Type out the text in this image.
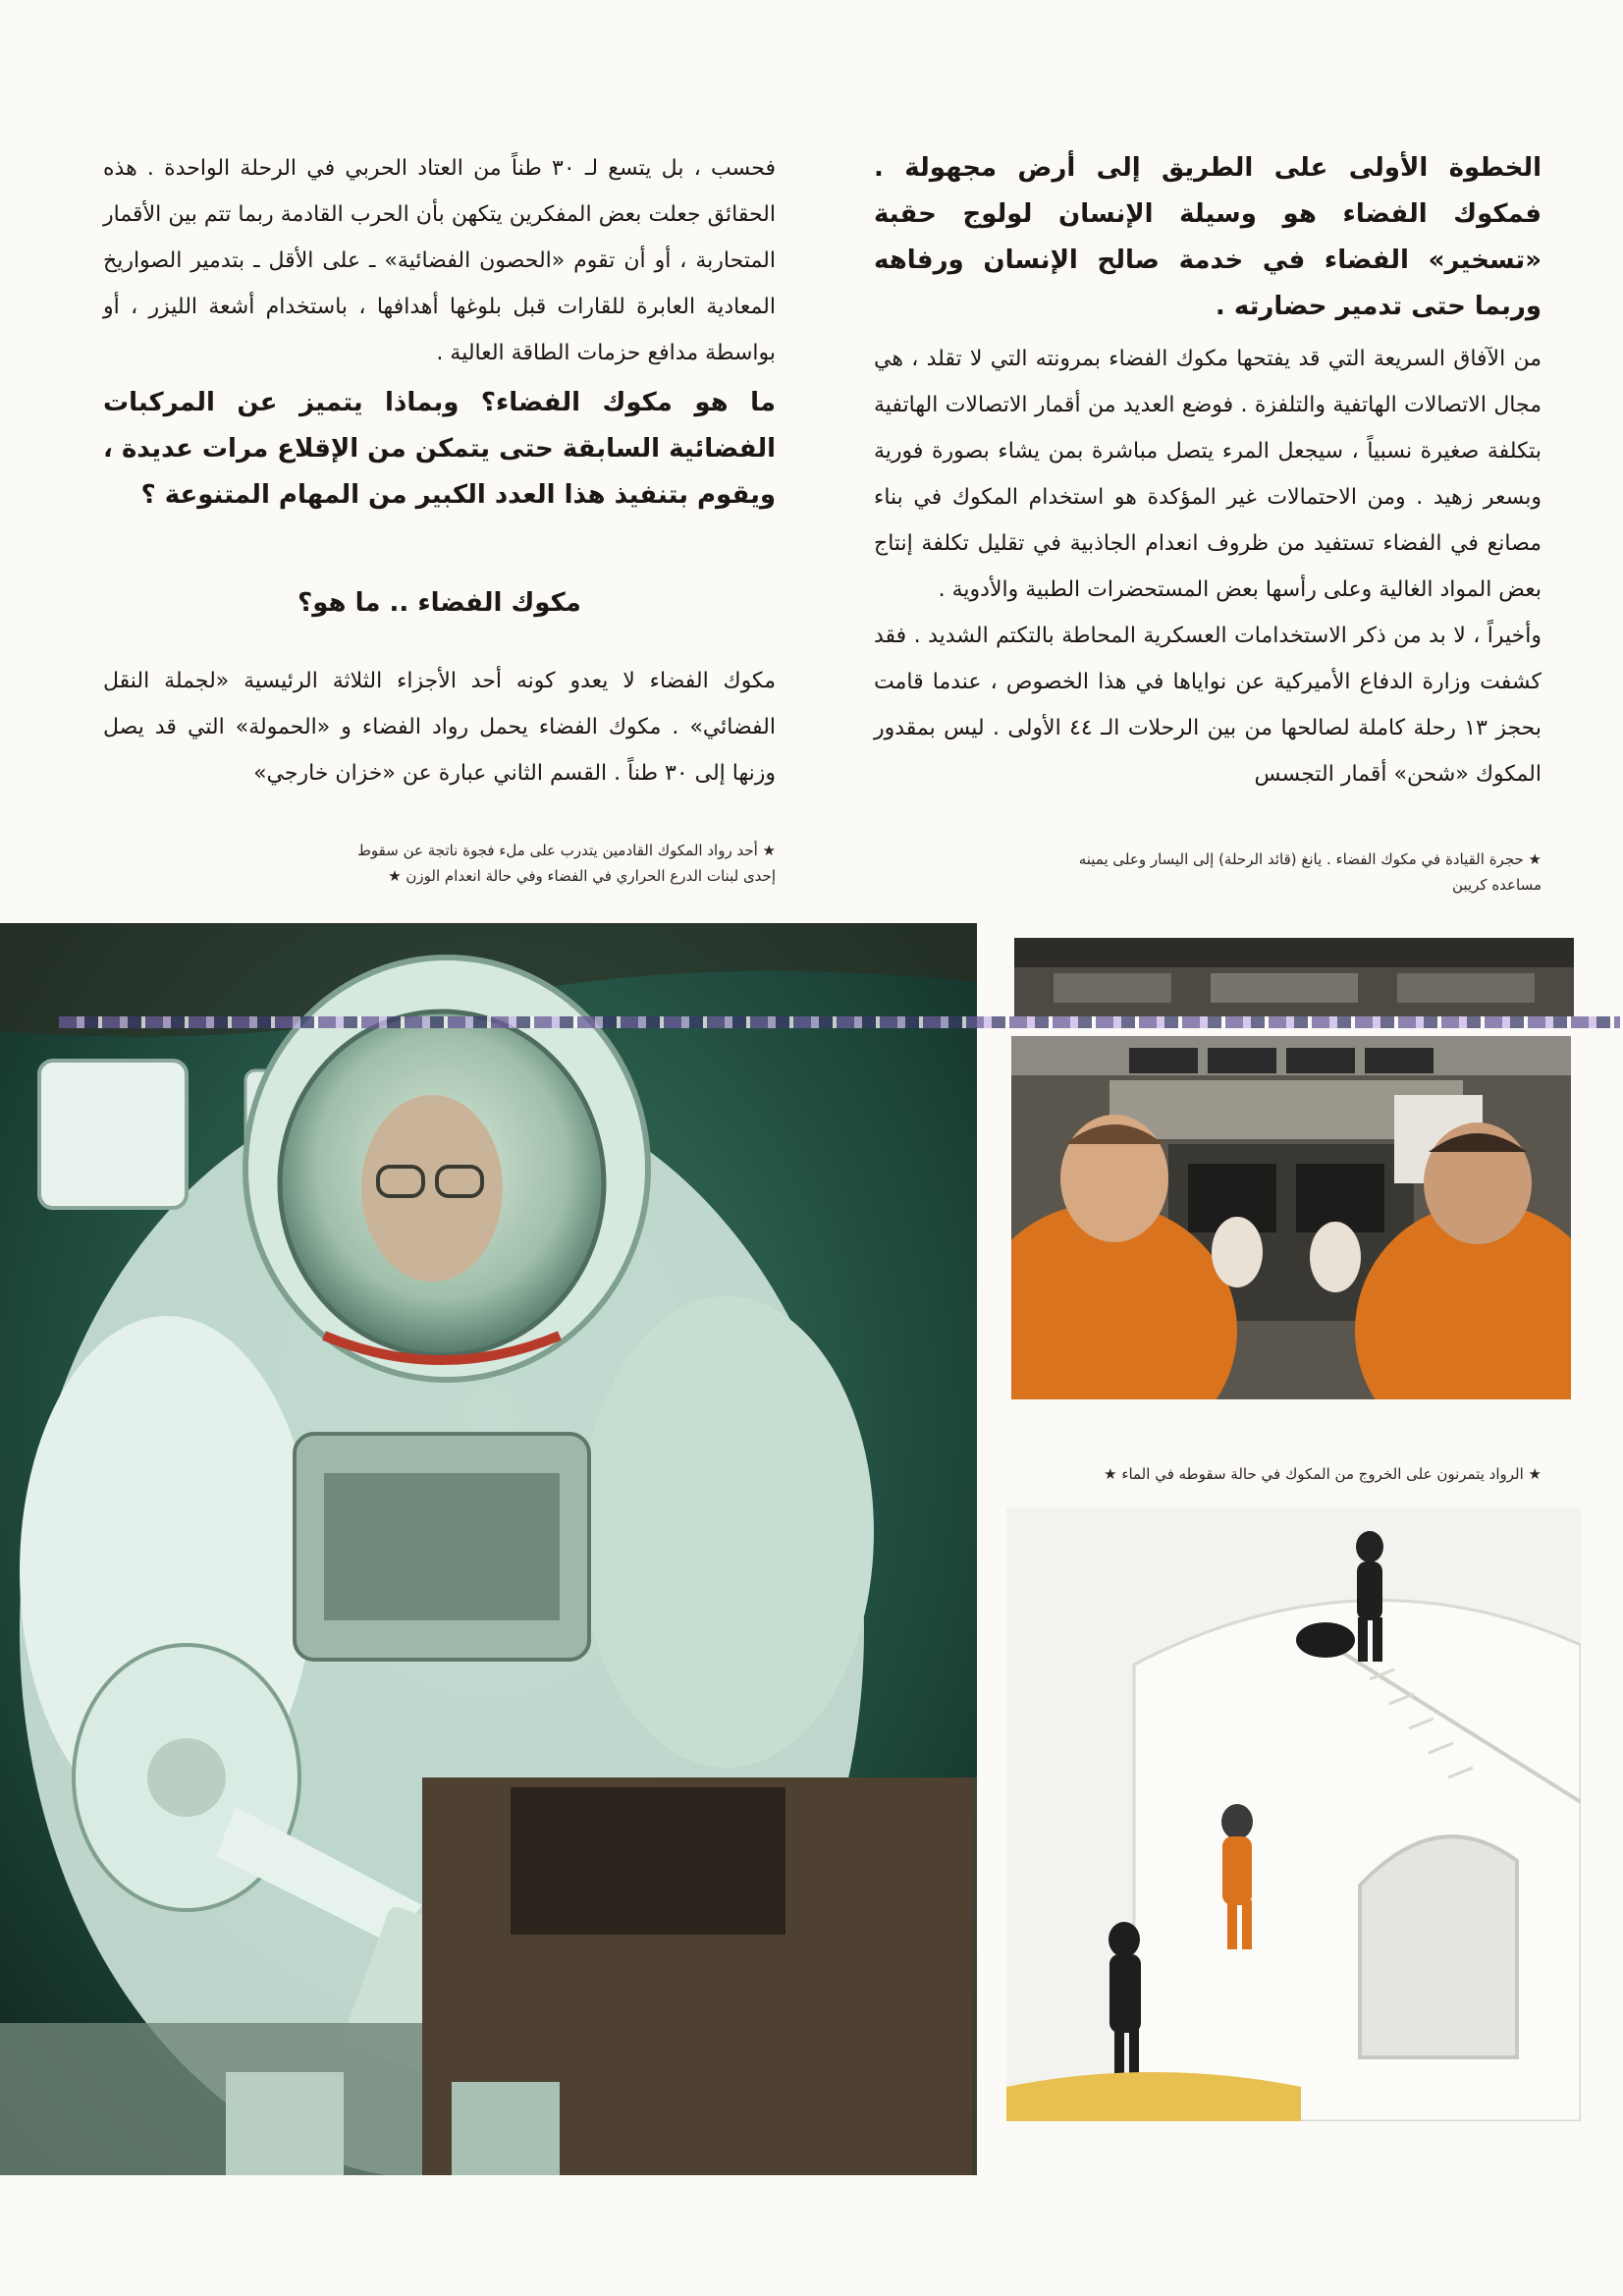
الخطوة الأولى على الطريق إلى أرض مجهولة . فمكوك الفضاء هو وسيلة الإنسان لولوج حقبة «تسخير» الفضاء في خدمة صالح الإنسان ورفاهه وربما حتى تدمير حضارته .

من الآفاق السريعة التي قد يفتحها مكوك الفضاء بمرونته التي لا تقلد ، هي مجال الاتصالات الهاتفية والتلفزة . فوضع العديد من أقمار الاتصالات الهاتفية بتكلفة صغيرة نسبياً ، سيجعل المرء يتصل مباشرة بمن يشاء بصورة فورية وبسعر زهيد . ومن الاحتمالات غير المؤكدة هو استخدام المكوك في بناء مصانع في الفضاء تستفيد من ظروف انعدام الجاذبية في تقليل تكلفة إنتاج بعض المواد الغالية وعلى رأسها بعض المستحضرات الطبية والأدوية .

وأخيراً ، لا بد من ذكر الاستخدامات العسكرية المحاطة بالتكتم الشديد . فقد كشفت وزارة الدفاع الأميركية عن نواياها في هذا الخصوص ، عندما قامت بحجز ١٣ رحلة كاملة لصالحها من بين الرحلات الـ ٤٤ الأولى . ليس بمقدور المكوك «شحن» أقمار التجسس

فحسب ، بل يتسع لـ ٣٠ طناً من العتاد الحربي في الرحلة الواحدة . هذه الحقائق جعلت بعض المفكرين يتكهن بأن الحرب القادمة ربما تتم بين الأقمار المتحاربة ، أو أن تقوم «الحصون الفضائية» ـ على الأقل ـ بتدمير الصواريخ المعادية العابرة للقارات قبل بلوغها أهدافها ، باستخدام أشعة الليزر ، أو بواسطة مدافع حزمات الطاقة العالية .

ما هو مكوك الفضاء؟ وبماذا يتميز عن المركبات الفضائية السابقة حتى يتمكن من الإقلاع مرات عديدة ، ويقوم بتنفيذ هذا العدد الكبير من المهام المتنوعة ؟

مكوك الفضاء .. ما هو؟

مكوك الفضاء لا يعدو كونه أحد الأجزاء الثلاثة الرئيسية «لجملة النقل الفضائي» . مكوك الفضاء يحمل رواد الفضاء و «الحمولة» التي قد يصل وزنها إلى ٣٠ طناً . القسم الثاني عبارة عن «خزان خارجي»

★ أحد رواد المكوك القادمين يتدرب على ملء فجوة ناتجة عن سقوط إحدى لبنات الدرع الحراري في الفضاء وفي حالة انعدام الوزن ★
★ حجرة القيادة في مكوك الفضاء . يانغ (قائد الرحلة) إلى اليسار وعلى يمينه مساعده كريبن
★ الرواد يتمرنون على الخروج من المكوك في حالة سقوطه في الماء ★
